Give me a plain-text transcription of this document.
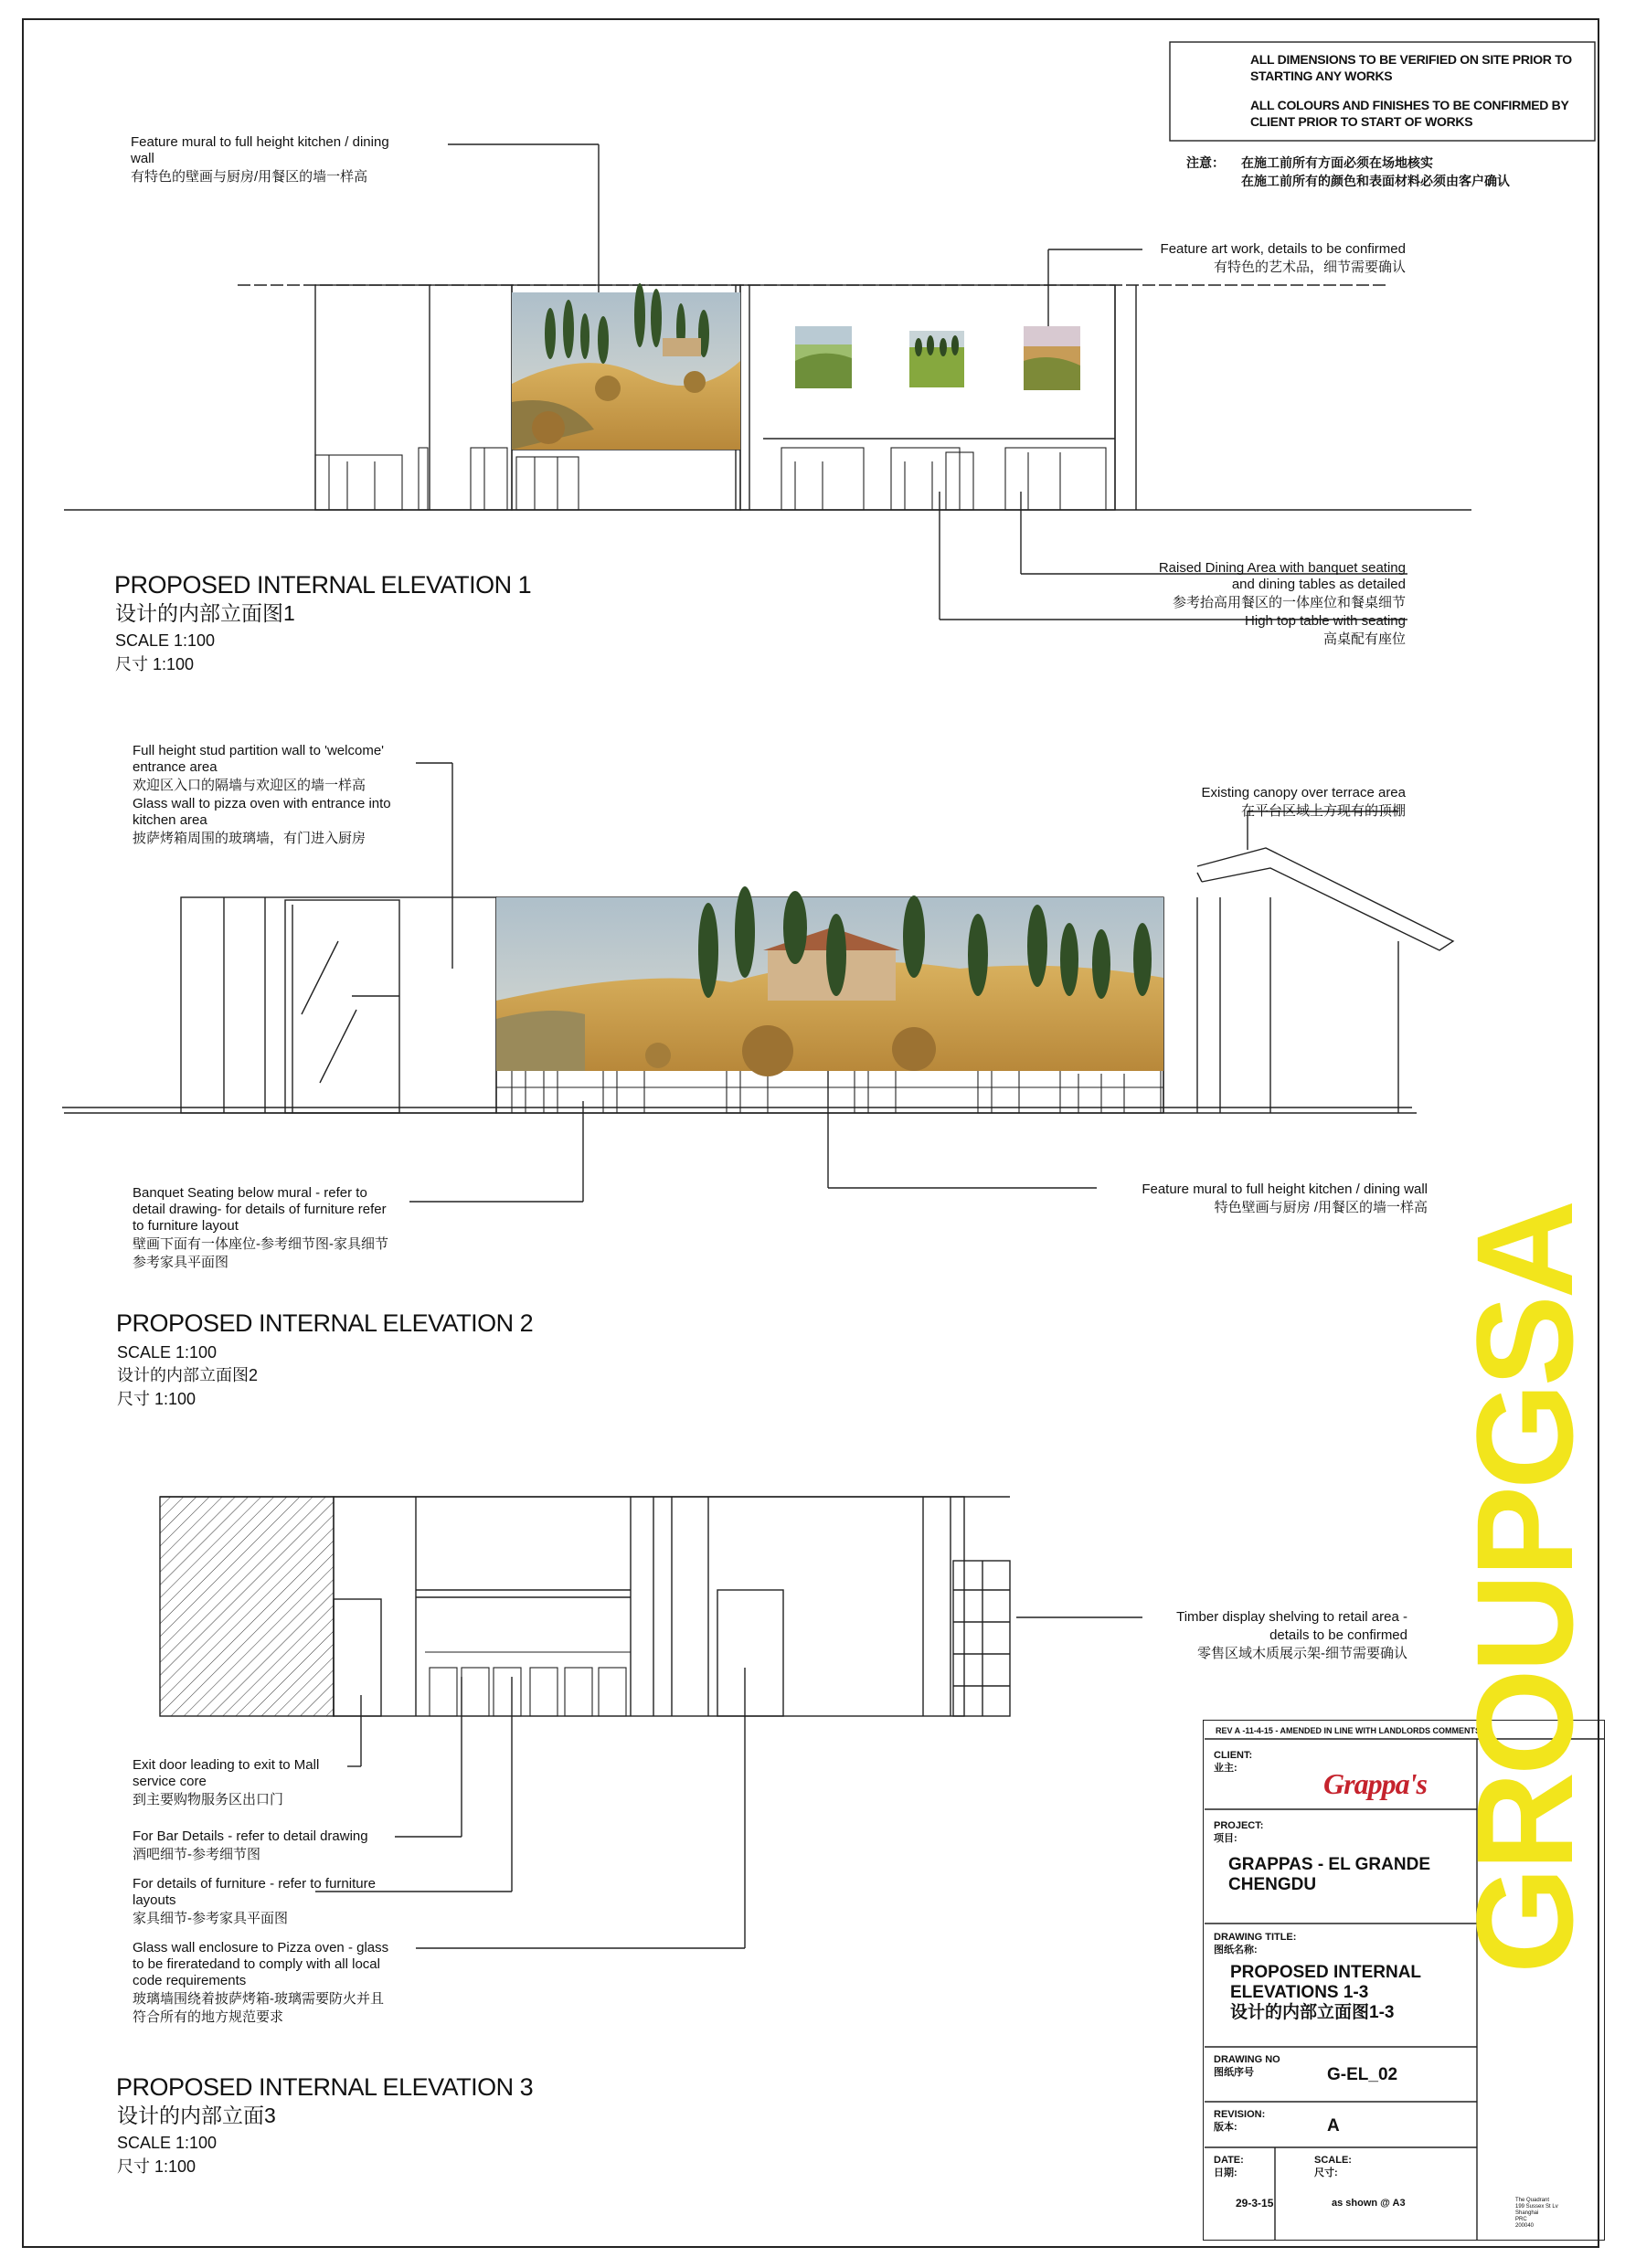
ALL DIMENSIONS TO BE VERIFIED ON SITE PRIOR TO
STARTING ANY WORKS
ALL COLOURS AND FINISHES TO BE CONFIRMED BY
CLIENT PRIOR TO START OF WORKS
注意： 在施工前所有方面必须在场地核实
在施工前所有的颜色和表面材料必须由客户确认
Feature mural to full height kitchen / dining
wall
有特色的壁画与厨房/用餐区的墙一样高
Feature art work, details to be confirmed
有特色的艺术品，细节需要确认
Raised Dining Area with banquet seating
and dining tables as detailed
参考抬高用餐区的一体座位和餐桌细节
High top table with seating
高桌配有座位
PROPOSED INTERNAL ELEVATION 1
设计的内部立面图1
SCALE 1:100
尺寸 1:100
Full height stud partition wall to 'welcome'
entrance area
欢迎区入口的隔墙与欢迎区的墙一样高
Glass wall to pizza oven with entrance into
kitchen area
披萨烤箱周围的玻璃墙，有门进入厨房
Existing canopy over terrace area
在平台区域上方现有的顶棚
Banquet Seating below mural - refer to
detail drawing- for details of furniture refer
to furniture layout
壁画下面有一体座位-参考细节图-家具细节
参考家具平面图
Feature mural to full height kitchen / dining wall
特色壁画与厨房 /用餐区的墙一样高
PROPOSED INTERNAL ELEVATION 2
SCALE 1:100
设计的内部立面图2
尺寸 1:100
Timber display shelving to retail area -
details to be confirmed
零售区域木质展示架-细节需要确认
Exit door leading to exit to Mall
service core
到主要购物服务区出口门
For Bar Details - refer to detail drawing
酒吧细节-参考细节图
For details of furniture - refer to furniture
layouts
家具细节-参考家具平面图
Glass wall enclosure to Pizza oven - glass
to be fireratedand to comply with all local
code requirements
玻璃墙围绕着披萨烤箱-玻璃需要防火并且
符合所有的地方规范要求
PROPOSED INTERNAL ELEVATION 3
设计的内部立面3
SCALE 1:100
尺寸 1:100
REV A -11-4-15 - AMENDED IN LINE WITH LANDLORDS COMMENTS
CLIENT:
业主:	Grappa's
PROJECT:
项目:
GRAPPAS - EL GRANDE
CHENGDU
DRAWING TITLE:
图纸名称:
PROPOSED INTERNAL
ELEVATIONS 1-3
设计的内部立面图1-3
DRAWING NO
图纸序号	G-EL_02
REVISION:
版本:	A
DATE:
日期:
29-3-15
SCALE:
尺寸:
as shown @ A3
GROUPGSA
The Quadrant
199 Sussex St Lv
Shanghai
PRC
200040
